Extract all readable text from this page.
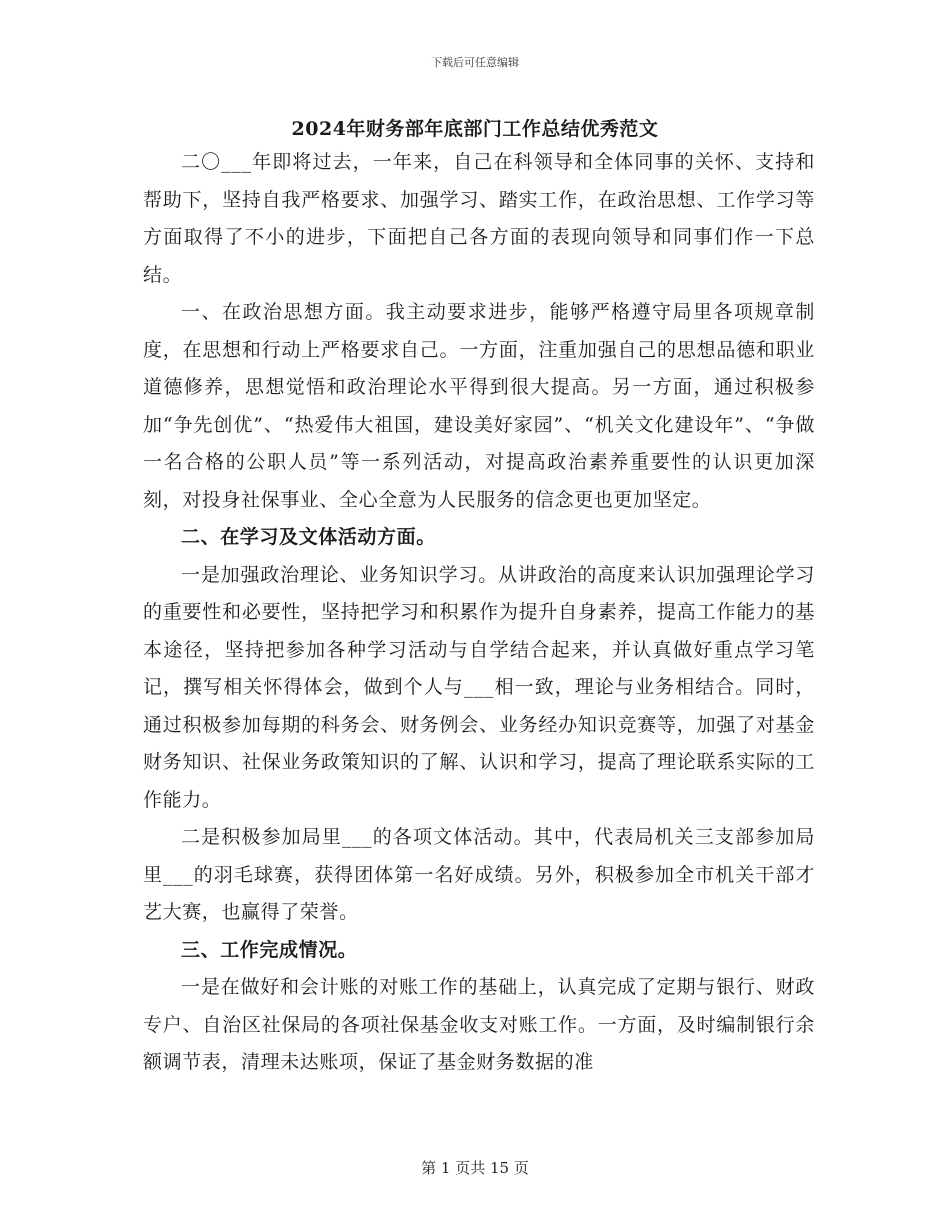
下载后可任意编辑
2024年财务部年底部门工作总结优秀范文

二〇___年即将过去，一年来，自己在科领导和全体同事的关怀、支持和帮助下，坚持自我严格要求、加强学习、踏实工作，在政治思想、工作学习等方面取得了不小的进步，下面把自己各方面的表现向领导和同事们作一下总结。

一、在政治思想方面。我主动要求进步，能够严格遵守局里各项规章制度，在思想和行动上严格要求自己。一方面，注重加强自己的思想品德和职业道德修养，思想觉悟和政治理论水平得到很大提高。另一方面，通过积极参加“争先创优”、“热爱伟大祖国，建设美好家园”、“机关文化建设年”、“争做一名合格的公职人员”等一系列活动，对提高政治素养重要性的认识更加深刻，对投身社保事业、全心全意为人民服务的信念更也更加坚定。

二、在学习及文体活动方面。

一是加强政治理论、业务知识学习。从讲政治的高度来认识加强理论学习的重要性和必要性，坚持把学习和积累作为提升自身素养，提高工作能力的基本途径，坚持把参加各种学习活动与自学结合起来，并认真做好重点学习笔记，撰写相关怀得体会，做到个人与___相一致，理论与业务相结合。同时，通过积极参加每期的科务会、财务例会、业务经办知识竞赛等，加强了对基金财务知识、社保业务政策知识的了解、认识和学习，提高了理论联系实际的工作能力。

二是积极参加局里___的各项文体活动。其中，代表局机关三支部参加局里___的羽毛球赛，获得团体第一名好成绩。另外，积极参加全市机关干部才艺大赛，也赢得了荣誉。

三、工作完成情况。

一是在做好和会计账的对账工作的基础上，认真完成了定期与银行、财政专户、自治区社保局的各项社保基金收支对账工作。一方面，及时编制银行余额调节表，清理未达账项，保证了基金财务数据的准

第 1 页共 15 页
